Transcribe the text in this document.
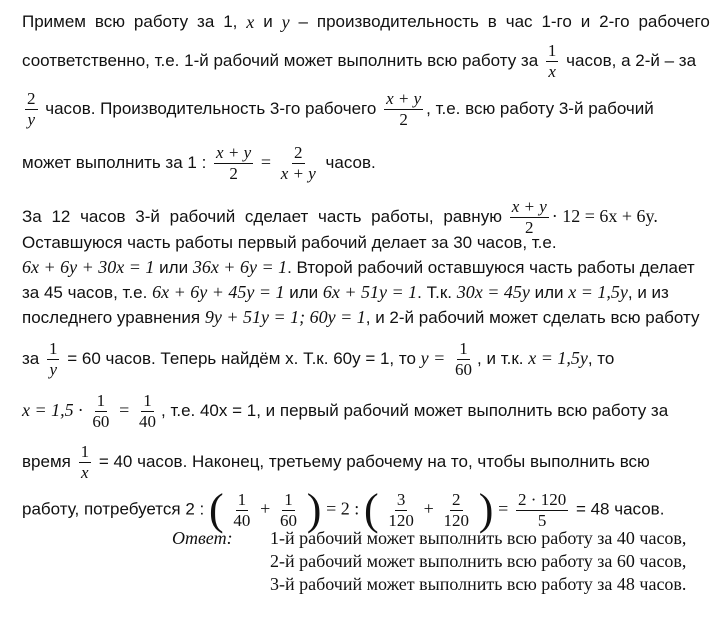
Примем всю работу за 1, x и y – производительность в час 1-го и 2-го рабочего
соответственно, т.е. 1-й рабочий может выполнить всю работу за $\frac{1}{x}$ часов, а 2-й – за
$\frac{2}{y}$ часов. Производительность 3-го рабочего $\frac{x + y}{2}$ , т.е. всю работу 3-й рабочий
может выполнить за 1 : $\frac{x + y}{2} = \frac{2}{x + y}$ часов.
За 12 часов 3-й рабочий сделает часть работы, равную $\frac{x + y}{2} \cdot 12 = 6x + 6y$.
Оставшуюся часть работы первый рабочий делает за 30 часов, т.е.
6x + 6y + 30x = 1 или 36x + 6y = 1. Второй рабочий оставшуюся часть работы делает
за 45 часов, т.е. 6x + 6y + 45y = 1 или 6x + 51y = 1. Т.к. 30x = 45y или x = 1,5y, и из
последнего уравнения 9y + 51y = 1; 60y = 1, и 2-й рабочий может сделать всю работу
за $\frac{1}{y} = 60$ часов. Теперь найдём x. Т.к. 60y = 1, то $y = \frac{1}{60}$ , и т.к. x = 1,5y, то
$x = 1,5 \cdot \frac{1}{60} = \frac{1}{40}$ , т.е. 40x = 1, и первый рабочий может выполнить всю работу за
время $\frac{1}{x} = 40$ часов. Наконец, третьему рабочему на то, чтобы выполнить всю
работу, потребуется 2 : ( $\frac{1}{40} + \frac{1}{60}$ ) = 2 : ( $\frac{3}{120} + \frac{2}{120}$ ) = $\frac{2 \cdot 120}{5} = 48$ часов.
Ответ: 1-й рабочий может выполнить всю работу за 40 часов,
2-й рабочий может выполнить всю работу за 60 часов,
3-й рабочий может выполнить всю работу за 48 часов.
